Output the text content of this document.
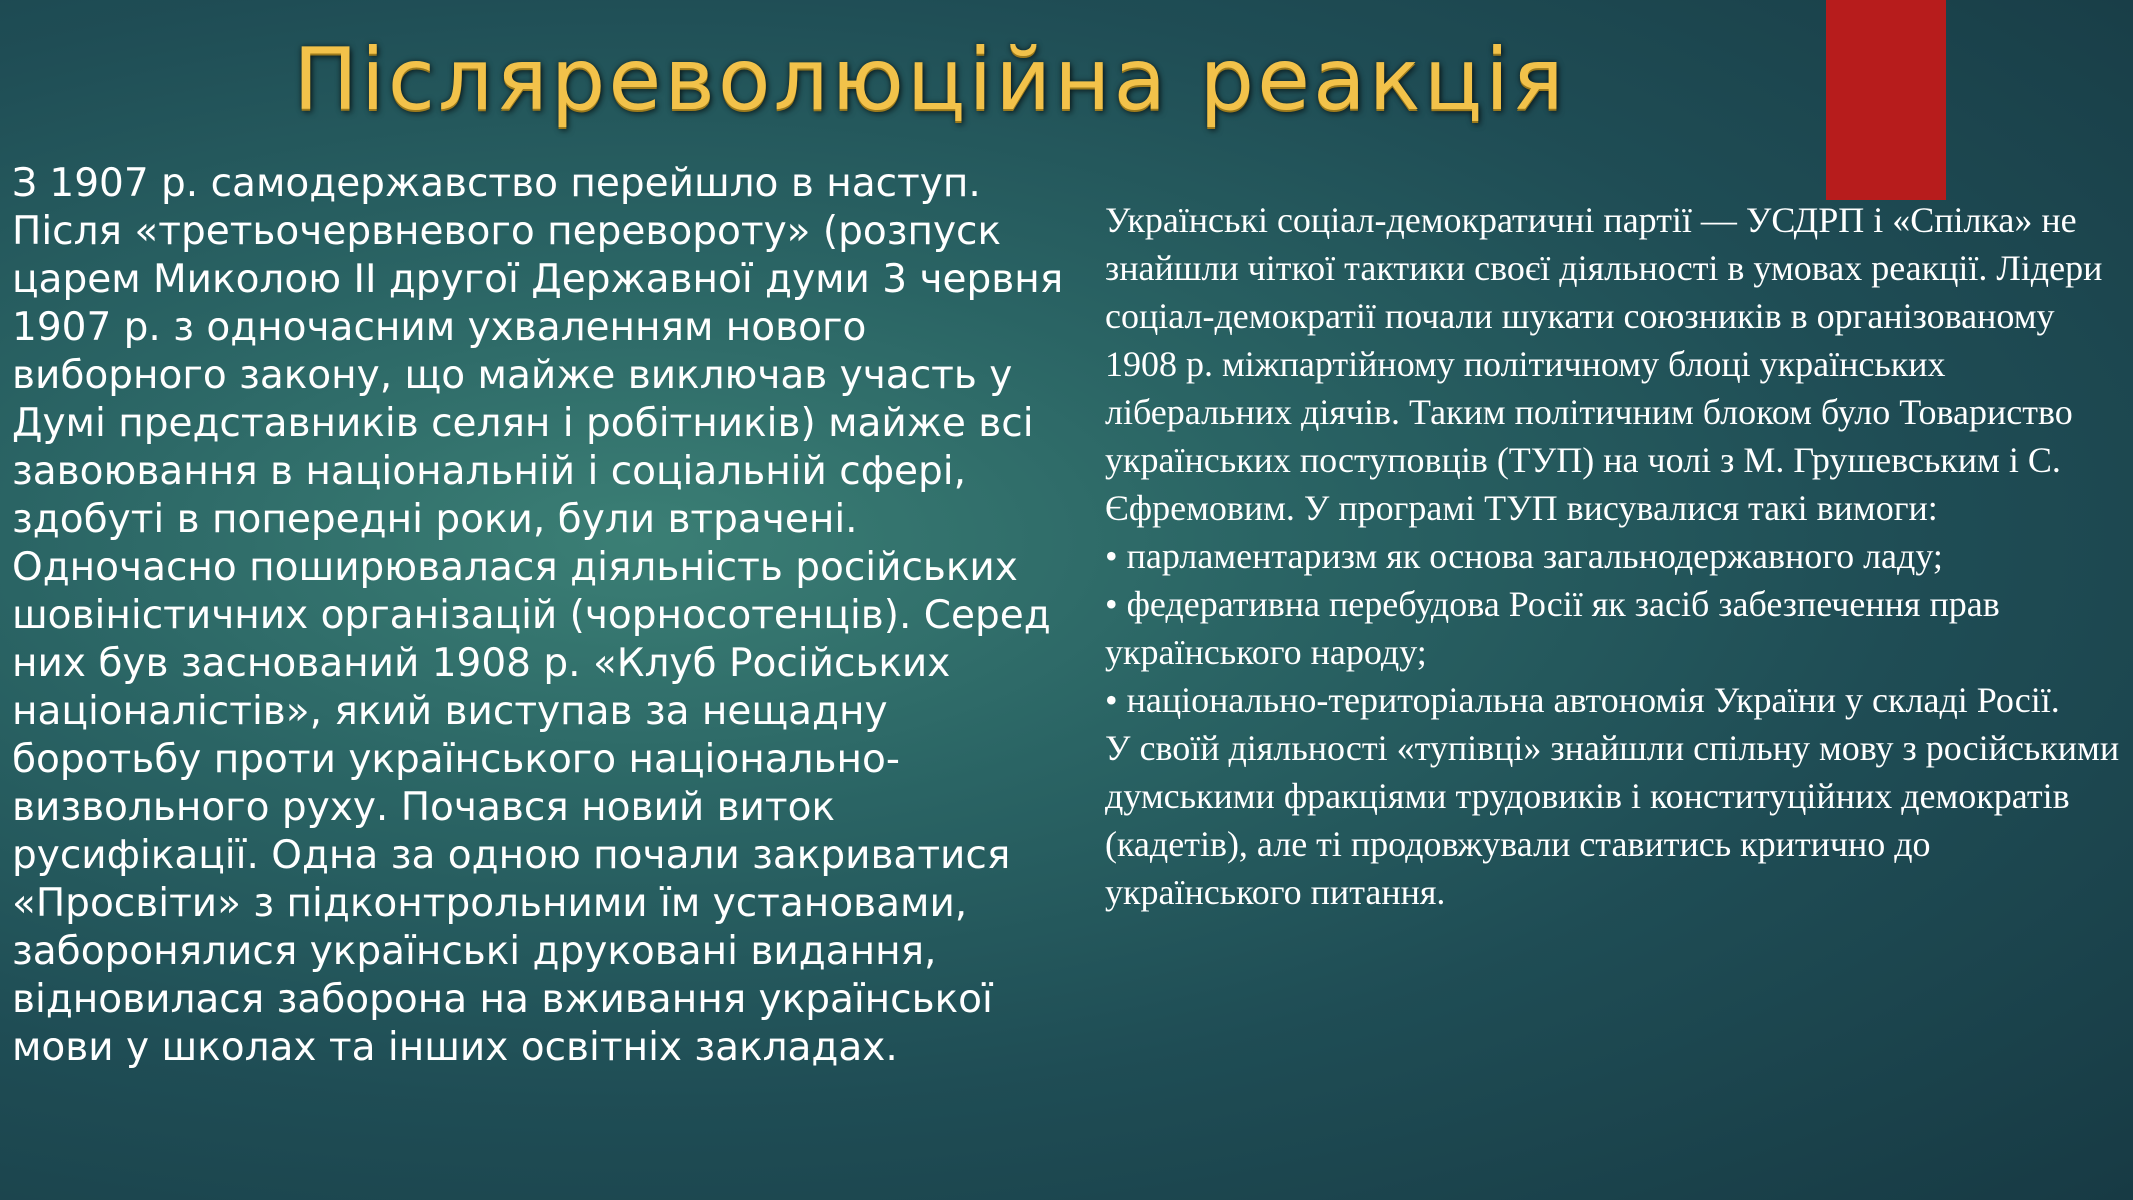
Післяреволюційна реакція

З 1907 р. самодержавство перейшло в наступ. Після «третьочервневого перевороту» (розпуск царем Миколою II другої Державної думи 3 червня 1907 р. з одночасним ухваленням нового виборного закону, що майже виключав участь у Думі представників селян і робітників) майже всі завоювання в національній і соціальній сфері, здобуті в попередні роки, були втрачені. Одночасно поширювалася діяльність російських шовіністичних організацій (чорносотенців). Серед них був заснований 1908 р. «Клуб Російських націоналістів», який виступав за нещадну боротьбу проти українського національно-визвольного руху. Почався новий виток русифікації. Одна за одною почали закриватися «Просвіти» з підконтрольними їм установами, заборонялися українські друковані видання, відновилася заборона на вживання української мови у школах та інших освітніх закладах.

Українські соціал-демократичні партії — УСДРП і «Спілка» не знайшли чіткої тактики своєї діяльності в умовах реакції. Лідери соціал-демократії почали шукати союзників в організованому 1908 р. міжпартійному політичному блоці українських ліберальних діячів. Таким політичним блоком було Товариство українських поступовців (ТУП) на чолі з М. Грушевським і С. Єфремовим. У програмі ТУП висувалися такі вимоги:

• парламентаризм як основа загальнодержавного ладу;

• федеративна перебудова Росії як засіб забезпечення прав українського народу;

• національно-територіальна автономія України у складі Росії.

У своїй діяльності «тупівці» знайшли спільну мову з російськими думськими фракціями трудовиків і конституційних демократів (кадетів), але ті продовжували ставитись критично до українського питання.
